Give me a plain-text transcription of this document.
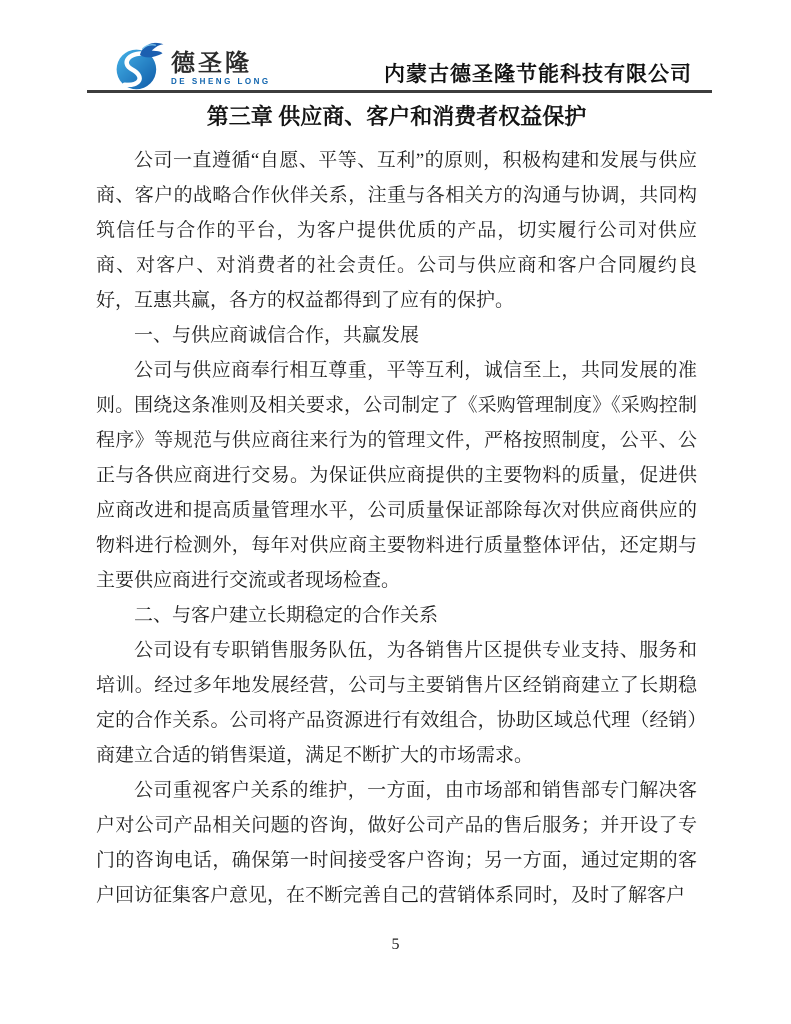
德圣隆
DE SHENG LONG	内蒙古德圣隆节能科技有限公司
第三章 供应商、客户和消费者权益保护

公司一直遵循“自愿、平等、互利”的原则，积极构建和发展与供应商、客户的战略合作伙伴关系，注重与各相关方的沟通与协调，共同构筑信任与合作的平台，为客户提供优质的产品，切实履行公司对供应商、对客户、对消费者的社会责任。公司与供应商和客户合同履约良好，互惠共赢，各方的权益都得到了应有的保护。

一、与供应商诚信合作，共赢发展

公司与供应商奉行相互尊重，平等互利，诚信至上，共同发展的准则。围绕这条准则及相关要求，公司制定了《采购管理制度》《采购控制程序》等规范与供应商往来行为的管理文件，严格按照制度，公平、公正与各供应商进行交易。为保证供应商提供的主要物料的质量，促进供应商改进和提高质量管理水平，公司质量保证部除每次对供应商供应的物料进行检测外，每年对供应商主要物料进行质量整体评估，还定期与主要供应商进行交流或者现场检查。

二、与客户建立长期稳定的合作关系

公司设有专职销售服务队伍，为各销售片区提供专业支持、服务和培训。经过多年地发展经营，公司与主要销售片区经销商建立了长期稳定的合作关系。公司将产品资源进行有效组合，协助区域总代理（经销）商建立合适的销售渠道，满足不断扩大的市场需求。

公司重视客户关系的维护，一方面，由市场部和销售部专门解决客户对公司产品相关问题的咨询，做好公司产品的售后服务；并开设了专门的咨询电话，确保第一时间接受客户咨询；另一方面，通过定期的客户回访征集客户意见，在不断完善自己的营销体系同时，及时了解客户

5
